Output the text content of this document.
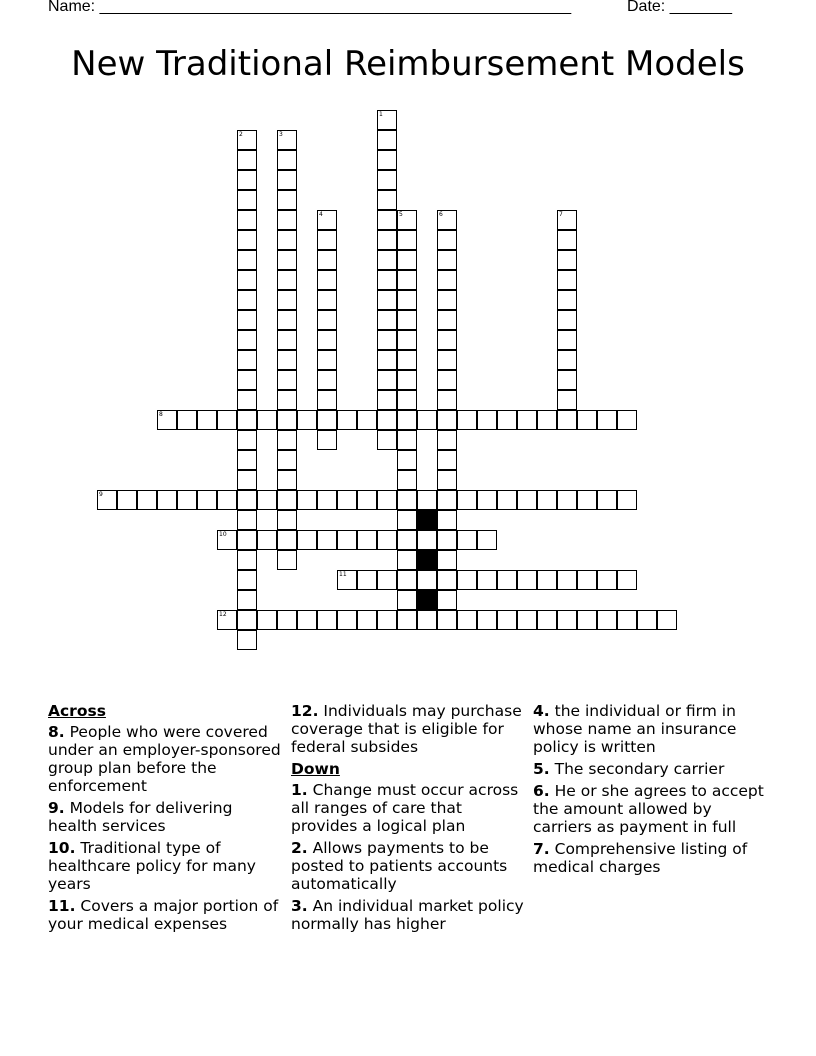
Name: _____________________________________________________	Date: _______
New Traditional Reimbursement Models
1
2	3
4	5	6	7
8
9
10
11
12
Across
8. People who were covered under an employer-sponsored group plan before the enforcement
9. Models for delivering health services
10. Traditional type of healthcare policy for many years
11. Covers a major portion of your medical expenses
12. Individuals may purchase coverage that is eligible for federal subsides
Down
1. Change must occur across all ranges of care that provides a logical plan
2. Allows payments to be posted to patients accounts automatically
3. An individual market policy normally has higher
4. the individual or firm in whose name an insurance policy is written
5. The secondary carrier
6. He or she agrees to accept the amount allowed by carriers as payment in full
7. Comprehensive listing of medical charges
